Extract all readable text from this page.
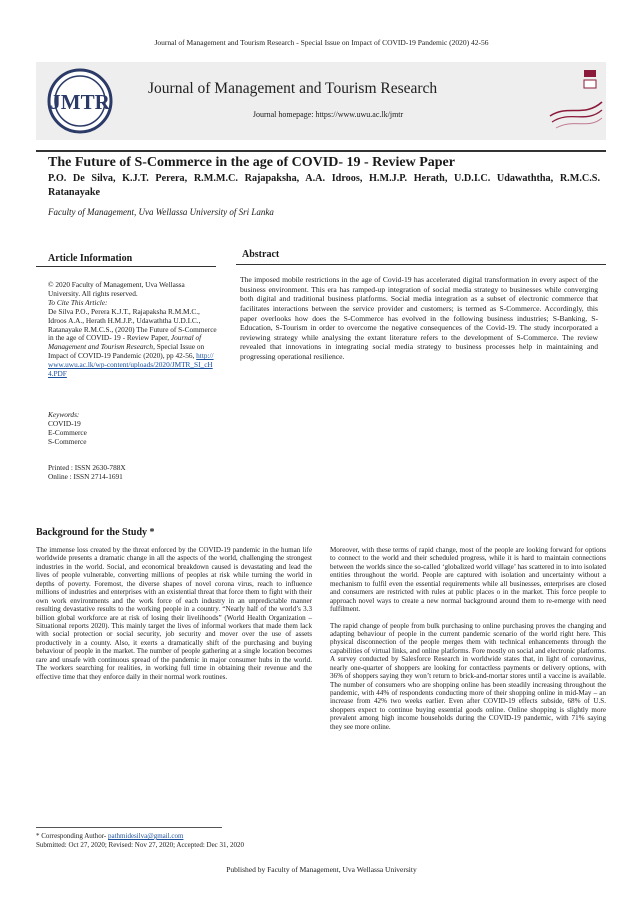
Journal of Management and Tourism Research - Special Issue on Impact of COVID-19 Pandemic (2020) 42-56
JMTR
Journal of Management and Tourism Research
Journal homepage: https://www.uwu.ac.lk/jmtr
The Future of S-Commerce in the age of COVID- 19 - Review Paper
P.O. De Silva, K.J.T. Perera, R.M.M.C. Rajapaksha, A.A. Idroos, H.M.J.P. Herath, U.D.I.C. Udawaththa, R.M.C.S. Ratanayake
Faculty of Management, Uva Wellassa University of Sri Lanka
Article Information	Abstract
© 2020 Faculty of Management, Uva Wellassa University. All rights reserved.
To Cite This Article:
De Silva P.O., Perera K.J.T., Rajapaksha R.M.M.C., Idroos A.A., Herath H.M.J.P., Udawaththa U.D.I.C., Ratanayake R.M.C.S., (2020) The Future of S-Commerce in the age of COVID- 19 - Review Paper, Journal of Management and Tourism Research, Special Issue on Impact of COVID-19 Pandemic (2020), pp 42-56, http://www.uwu.ac.lk/wp-content/uploads/2020/JMTR_SI_cH4.PDF
Keywords:
COVID-19
E-Commerce
S-Commerce
Printed : ISSN 2630-788X
Online : ISSN 2714-1691
The imposed mobile restrictions in the age of Covid-19 has accelerated digital transformation in every aspect of the business environment. This era has ramped-up integration of social media strategy to businesses while converging both digital and traditional business platforms. Social media integration as a subset of electronic commerce that facilitates interactions between the service provider and customers; is termed as S-Commerce. Accordingly, this paper overlooks how does the S-Commerce has evolved in the following business industries; S-Banking, S-Education, S-Tourism in order to overcome the negative consequences of the Covid-19. The study incorporated a reviewing strategy while analysing the extant literature refers to the development of S-Commerce. The review revealed that innovations in integrating social media strategy to business processes help in maintaining and progressing operational resilience.
Background for the Study *

The immense loss created by the threat enforced by the COVID-19 pandemic in the human life worldwide presents a dramatic change in all the aspects of the world, challenging the strongest industries in the world. Social, and economical breakdown caused is devastating and lead the lives of people vulnerable, converting millions of peoples at risk while turning the world in depths of poverty. Foremost, the diverse shapes of novel corona virus, reach to influence millions of industries and enterprises with an existential threat that force them to fight with their own work environments and the work force of each industry in an unpredictable manner resulting devastative results to the working people in a country. “Nearly half of the world’s 3.3 billion global workforce are at risk of losing their livelihoods” (World Health Organization – Situational reports 2020). This mainly target the lives of informal workers that made them lack with social protection or social security, job security and mover over the use of assets productively in a county. Also, it exerts a dramatically shift of the purchasing and buying behaviour of people in the market. The number of people gathering at a single location becomes rare and unsafe with continuous spread of the pandemic in major consumer hubs in the world. The workers searching for realities, in working full time in obtaining their revenue and the effective time that they enforce daily in their normal work routines.

Moreover, with these terms of rapid change, most of the people are looking forward for options to connect to the world and their scheduled progress, while it is hard to maintain connections between the worlds since the so-called ‘globalized world village’ has scattered in to into isolated entities throughout the world. People are captured with isolation and uncertainty without a mechanism to fulfil even the essential requirements while all businesses, enterprises are closed and consumers are restricted with rules at public places o in the market. This force people to approach novel ways to create a new normal background around them to re-emerge with need fulfilment.

The rapid change of people from bulk purchasing to online purchasing proves the changing and adapting behaviour of people in the current pandemic scenario of the world right here. This physical disconnection of the people merges them with technical enhancements through the capabilities of virtual links, and online platforms. Fore mostly on social and electronic platforms. A survey conducted by Salesforce Research in worldwide states that, in light of coronavirus, nearly one-quarter of shoppers are looking for contactless payments or delivery options, with 36% of shoppers saying they won’t return to brick-and-mortar stores until a vaccine is available. The number of consumers who are shopping online has been steadily increasing throughout the pandemic, with 44% of respondents conducting more of their shopping online in mid-May – an increase from 42% two weeks earlier. Even after COVID-19 effects subside, 68% of U.S. shoppers expect to continue buying essential goods online. Online shopping is slightly more prevalent among high income households during the COVID-19 pandemic, with 71% saying they see more online.

* Corresponding Author- pathmidesilva@gmail.com
Submitted: Oct 27, 2020; Revised: Nov 27, 2020; Accepted: Dec 31, 2020
Published by Faculty of Management, Uva Wellassa University
